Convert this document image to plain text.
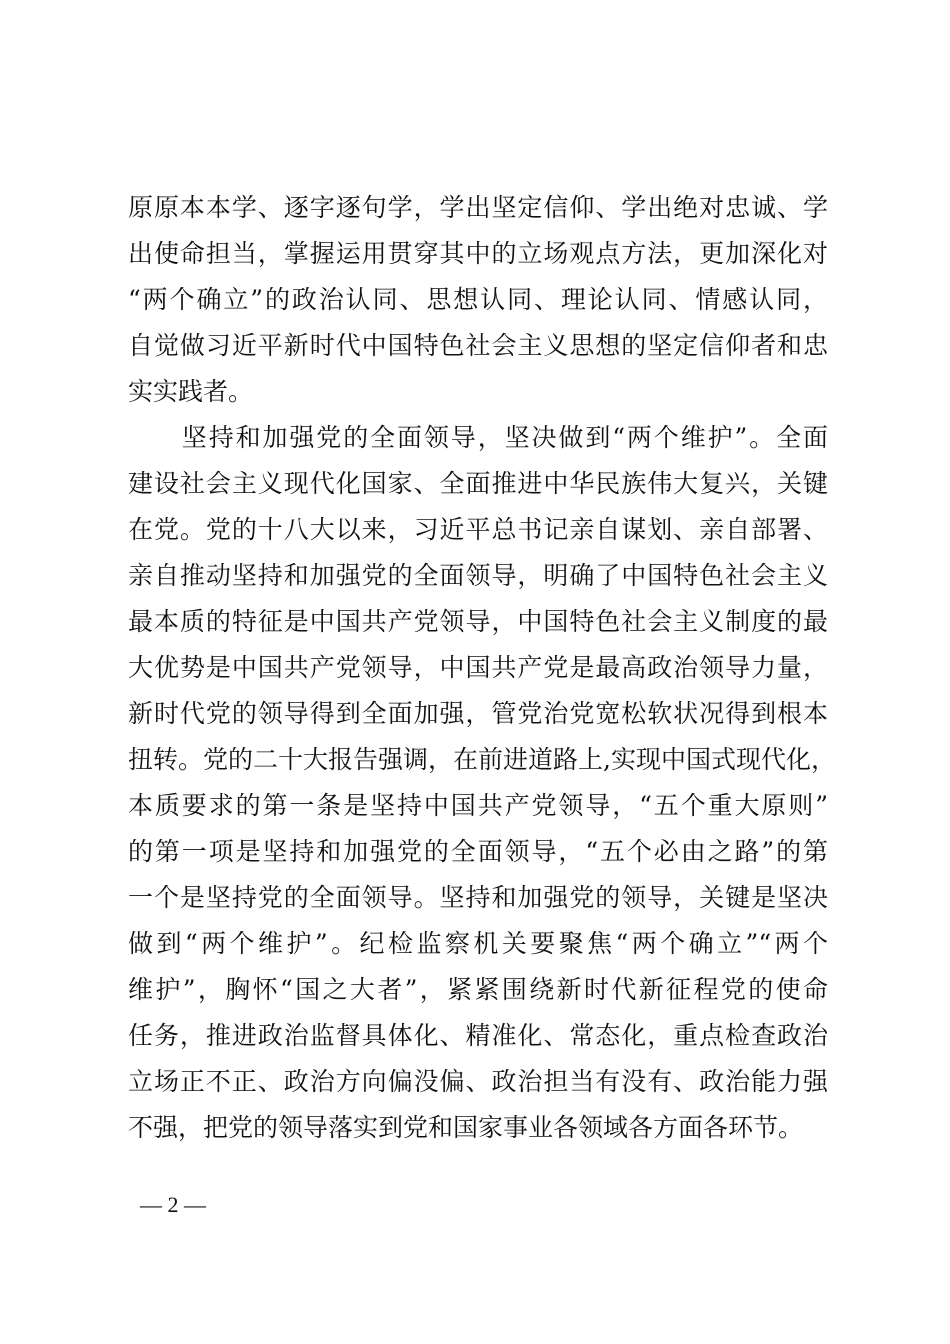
原原本本学、逐字逐句学，学出坚定信仰、学出绝对忠诚、学
出使命担当，掌握运用贯穿其中的立场观点方法，更加深化对
“两个确立”的政治认同、思想认同、理论认同、情感认同，
自觉做习近平新时代中国特色社会主义思想的坚定信仰者和忠
实实践者。
　　坚持和加强党的全面领导，坚决做到“两个维护”。全面
建设社会主义现代化国家、全面推进中华民族伟大复兴，关键
在党。党的十八大以来，习近平总书记亲自谋划、亲自部署、
亲自推动坚持和加强党的全面领导，明确了中国特色社会主义
最本质的特征是中国共产党领导，中国特色社会主义制度的最
大优势是中国共产党领导，中国共产党是最高政治领导力量，
新时代党的领导得到全面加强，管党治党宽松软状况得到根本
扭转。党的二十大报告强调，在前进道路上,实现中国式现代化，
本质要求的第一条是坚持中国共产党领导，“五个重大原则”
的第一项是坚持和加强党的全面领导，“五个必由之路”的第
一个是坚持党的全面领导。坚持和加强党的领导，关键是坚决
做到“两个维护”。纪检监察机关要聚焦“两个确立”“两个
维护”，胸怀“国之大者”，紧紧围绕新时代新征程党的使命
任务，推进政治监督具体化、精准化、常态化，重点检查政治
立场正不正、政治方向偏没偏、政治担当有没有、政治能力强
不强，把党的领导落实到党和国家事业各领域各方面各环节。
— 2 —
